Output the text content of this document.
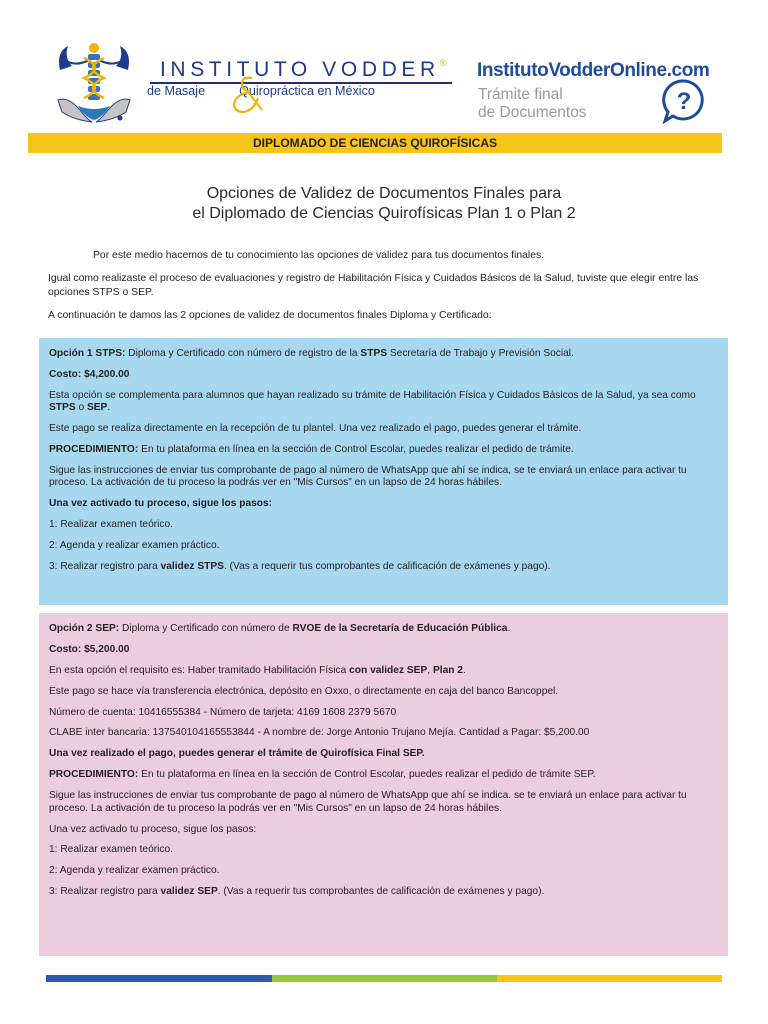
INSTITUTO VODDER®
de Masaje	Quiropráctica en México
InstitutoVodderOnline.com
Trámite final
de Documentos	?
DIPLOMADO DE CIENCIAS QUIROFÍSICAS
Opciones de Validez de Documentos Finales para
el Diplomado de Ciencias Quirofísicas Plan 1 o Plan 2

Por este medio hacemos de tu conocimiento las opciones de validez para tus documentos finales.

Igual como realizaste el proceso de evaluaciones y registro de Habilitación Física y Cuidados Básicos de la Salud, tuviste que elegir entre las opciones STPS o SEP.

A continuación te damos las 2 opciones de validez de documentos finales Diploma y Certificado:

Opción 1 STPS: Diploma y Certificado con número de registro de la STPS Secretaría de Trabajo y Previsión Social.

Costo: $4,200.00

Esta opción se complementa para alumnos que hayan realizado su trámite de Habilitación Física y Cuidados Básicos de la Salud, ya sea como STPS o SEP.

Este pago se realiza directamente en la recepción de tu plantel. Una vez realizado el pago, puedes generar el trámite.

PROCEDIMIENTO: En tu plataforma en línea en la sección de Control Escolar, puedes realizar el pedido de trámite.

Sigue las instrucciones de enviar tus comprobante de pago al número de WhatsApp que ahí se indica, se te enviará un enlace para activar tu proceso. La activación de tu proceso la podrás ver en "Mis Cursos" en un lapso de 24 horas hábiles.

Una vez activado tu proceso, sigue los pasos:

1: Realizar examen teórico.

2: Agenda y realizar examen práctico.

3: Realizar registro para validez STPS. (Vas a requerir tus comprobantes de calificación de exámenes y pago).

Opción 2 SEP: Diploma y Certificado con número de RVOE de la Secretaría de Educación Pública.

Costo: $5,200.00

En esta opción el requisito es: Haber tramitado Habilitación Física con validez SEP, Plan 2.

Este pago se hace vía transferencia electrónica, depósito en Oxxo, o directamente en caja del banco Bancoppel.

Número de cuenta: 10416555384 - Número de tarjeta: 4169 1608 2379 5670

CLABE inter bancaria: 137540104165553844 - A nombre de: Jorge Antonio Trujano Mejía. Cantidad a Pagar: $5,200.00

Una vez realizado el pago, puedes generar el trámite de Quirofísica Final SEP.

PROCEDIMIENTO: En tu plataforma en línea en la sección de Control Escolar, puedes realizar el pedido de trámite SEP.

Sigue las instrucciones de enviar tus comprobante de pago al número de WhatsApp que ahí se indica. se te enviará un enlace para activar tu proceso. La activación de tu proceso la podrás ver en "Mis Cursos" en un lapso de 24 horas hábiles.

Una vez activado tu proceso, sigue los pasos:

1: Realizar examen teórico.

2: Agenda y realizar examen práctico.

3: Realizar registro para validez SEP. (Vas a requerir tus comprobantes de calificación de exámenes y pago).
